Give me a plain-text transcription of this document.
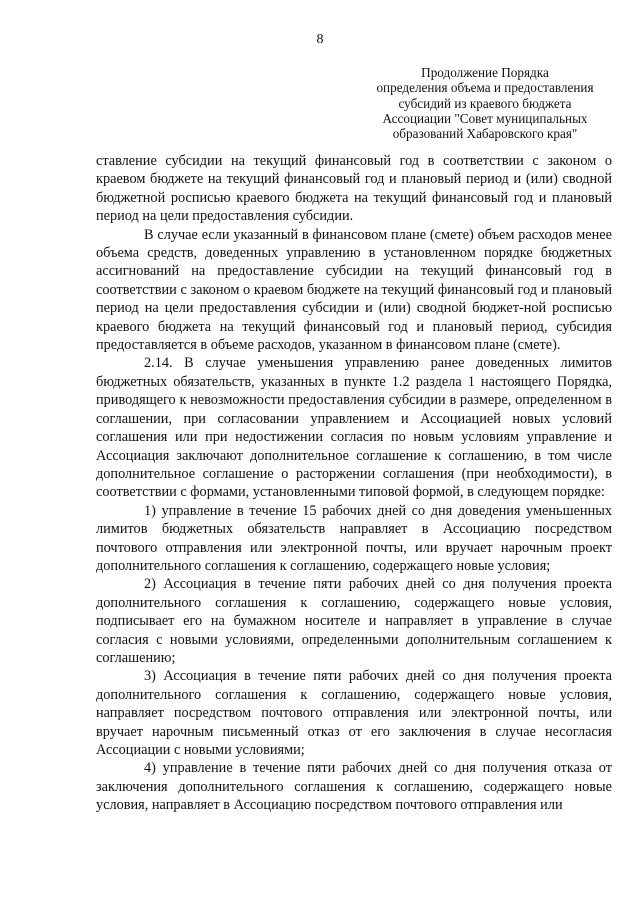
8
Продолжение Порядка
определения объема и предоставления
субсидий из краевого бюджета
Ассоциации "Совет муниципальных
образований Хабаровского края"

ставление субсидии на текущий финансовый год в соответствии с законом о краевом бюджете на текущий финансовый год и плановый период и (или) сводной бюджетной росписью краевого бюджета на текущий финансовый год и плановый период на цели предоставления субсидии.

В случае если указанный в финансовом плане (смете) объем расходов менее объема средств, доведенных управлению в установленном порядке бюджетных ассигнований на предоставление субсидии на текущий финансовый год в соответствии с законом о краевом бюджете на текущий финансовый год и плановый период на цели предоставления субсидии и (или) сводной бюджет-ной росписью краевого бюджета на текущий финансовый год и плановый период, субсидия предоставляется в объеме расходов, указанном в финансовом плане (смете).

2.14. В случае уменьшения управлению ранее доведенных лимитов бюджетных обязательств, указанных в пункте 1.2 раздела 1 настоящего Порядка, приводящего к невозможности предоставления субсидии в размере, определенном в соглашении, при согласовании управлением и Ассоциацией новых условий соглашения или при недостижении согласия по новым условиям управление и Ассоциация заключают дополнительное соглашение к соглашению, в том числе дополнительное соглашение о расторжении соглашения (при необходимости), в соответствии с формами, установленными типовой формой, в следующем порядке:

1) управление в течение 15 рабочих дней со дня доведения уменьшенных лимитов бюджетных обязательств направляет в Ассоциацию посредством почтового отправления или электронной почты, или вручает нарочным проект дополнительного соглашения к соглашению, содержащего новые условия;

2) Ассоциация в течение пяти рабочих дней со дня получения проекта дополнительного соглашения к соглашению, содержащего новые условия, подписывает его на бумажном носителе и направляет в управление в случае согласия с новыми условиями, определенными дополнительным соглашением к соглашению;

3) Ассоциация в течение пяти рабочих дней со дня получения проекта дополнительного соглашения к соглашению, содержащего новые условия, направляет посредством почтового отправления или электронной почты, или вручает нарочным письменный отказ от его заключения в случае несогласия Ассоциации с новыми условиями;

4) управление в течение пяти рабочих дней со дня получения отказа от заключения дополнительного соглашения к соглашению, содержащего новые условия, направляет в Ассоциацию посредством почтового отправления или
